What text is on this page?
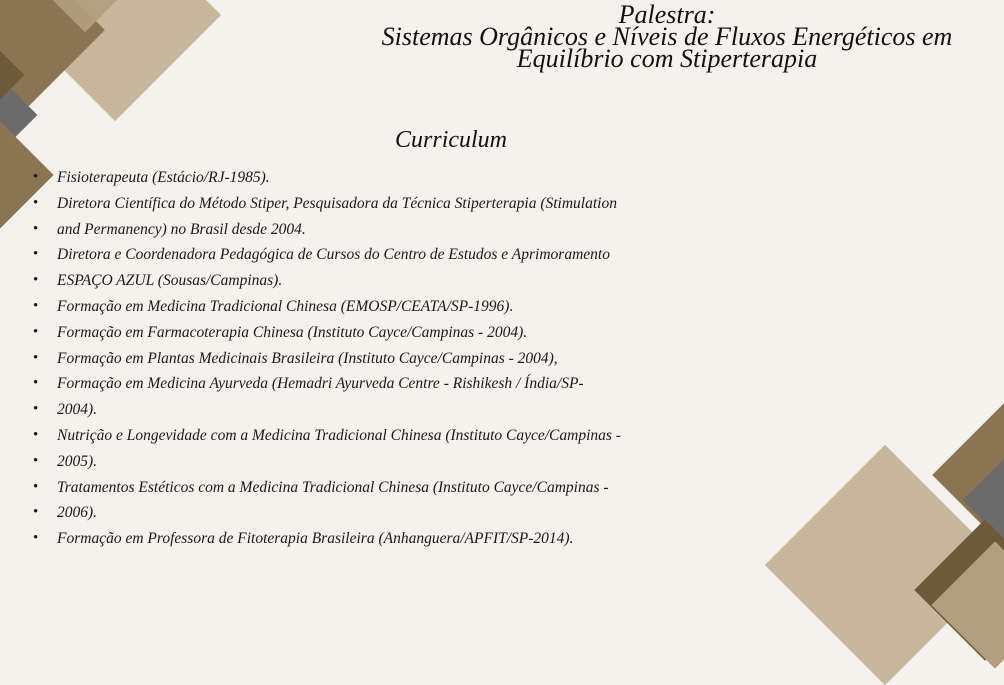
Palestra:
Sistemas Orgânicos e Níveis de Fluxos Energéticos em
Equilíbrio com Stiperterapia
Curriculum
• Fisioterapeuta (Estácio/RJ-1985).
• Diretora Científica do Método Stiper, Pesquisadora da Técnica Stiperterapia (Stimulation
• and Permanency) no Brasil desde 2004.
• Diretora e Coordenadora Pedagógica de Cursos do Centro de Estudos e Aprimoramento
• ESPAÇO AZUL (Sousas/Campinas).
• Formação em Medicina Tradicional Chinesa (EMOSP/CEATA/SP-1996).
• Formação em Farmacoterapia Chinesa (Instituto Cayce/Campinas - 2004).
• Formação em Plantas Medicinais Brasileira (Instituto Cayce/Campinas - 2004),
• Formação em Medicina Ayurveda (Hemadri Ayurveda Centre - Rishikesh / Índia/SP-
• 2004).
• Nutrição e Longevidade com a Medicina Tradicional Chinesa (Instituto Cayce/Campinas -
• 2005).
• Tratamentos Estéticos com a Medicina Tradicional Chinesa (Instituto Cayce/Campinas -
• 2006).
• Formação em Professora de Fitoterapia Brasileira (Anhanguera/APFIT/SP-2014).
